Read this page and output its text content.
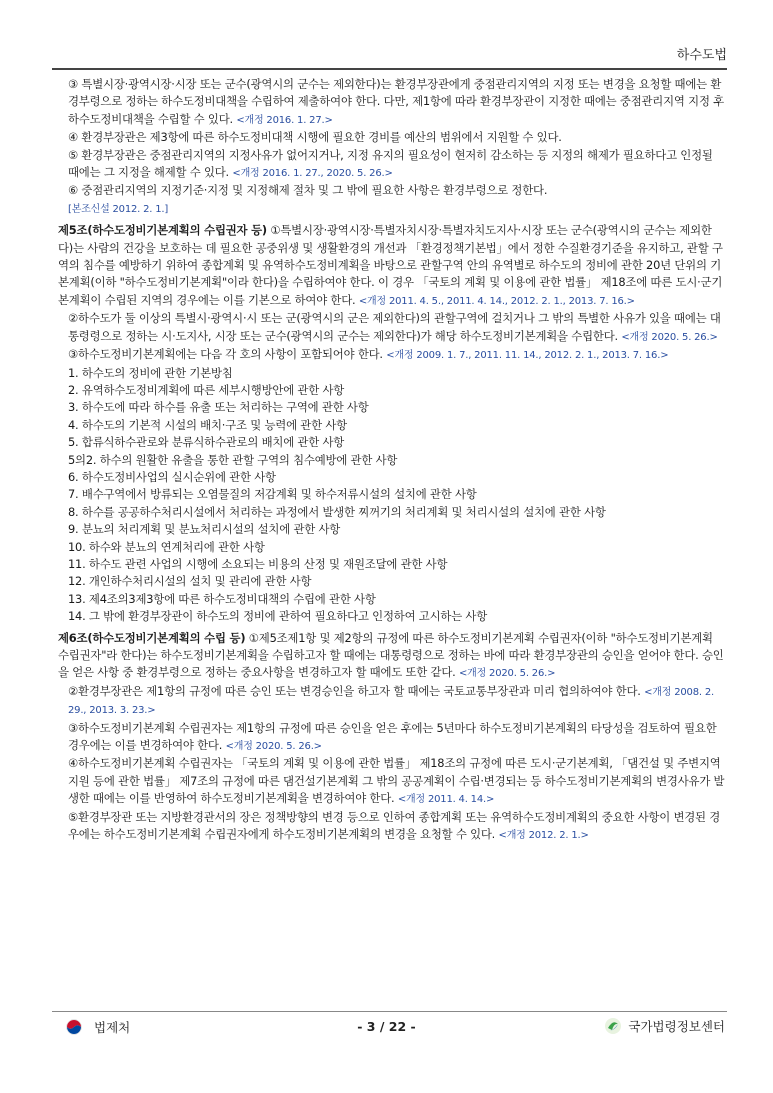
하수도법

③ 특별시장·광역시장·시장 또는 군수(광역시의 군수는 제외한다)는 환경부장관에게 중점관리지역의 지정 또는 변경을 요청할 때에는 환경부령으로 정하는 하수도정비대책을 수립하여 제출하여야 한다. 다만, 제1항에 따라 환경부장관이 지정한 때에는 중점관리지역 지정 후 하수도정비대책을 수립할 수 있다. <개정 2016. 1. 27.>

④ 환경부장관은 제3항에 따른 하수도정비대책 시행에 필요한 경비를 예산의 범위에서 지원할 수 있다.

⑤ 환경부장관은 중점관리지역의 지정사유가 없어지거나, 지정 유지의 필요성이 현저히 감소하는 등 지정의 해제가 필요하다고 인정될 때에는 그 지정을 해제할 수 있다. <개정 2016. 1. 27., 2020. 5. 26.>

⑥ 중점관리지역의 지정기준·지정 및 지정해제 절차 및 그 밖에 필요한 사항은 환경부령으로 정한다.

[본조신설 2012. 2. 1.]

제5조(하수도정비기본계획의 수립권자 등) ①특별시장·광역시장·특별자치시장·특별자치도지사·시장 또는 군수(광역시의 군수는 제외한다)는 사람의 건강을 보호하는 데 필요한 공중위생 및 생활환경의 개선과 「환경정책기본법」에서 정한 수질환경기준을 유지하고, 관할 구역의 침수를 예방하기 위하여 종합계획 및 유역하수도정비계획을 바탕으로 관할구역 안의 유역별로 하수도의 정비에 관한 20년 단위의 기본계획(이하 "하수도정비기본계획"이라 한다)을 수립하여야 한다. 이 경우 「국토의 계획 및 이용에 관한 법률」 제18조에 따른 도시·군기본계획이 수립된 지역의 경우에는 이를 기본으로 하여야 한다. <개정 2011. 4. 5., 2011. 4. 14., 2012. 2. 1., 2013. 7. 16.>

②하수도가 둘 이상의 특별시·광역시·시 또는 군(광역시의 군은 제외한다)의 관할구역에 걸치거나 그 밖의 특별한 사유가 있을 때에는 대통령령으로 정하는 시·도지사, 시장 또는 군수(광역시의 군수는 제외한다)가 해당 하수도정비기본계획을 수립한다. <개정 2020. 5. 26.>

③하수도정비기본계획에는 다음 각 호의 사항이 포함되어야 한다. <개정 2009. 1. 7., 2011. 11. 14., 2012. 2. 1., 2013. 7. 16.>

1. 하수도의 정비에 관한 기본방침
2. 유역하수도정비계획에 따른 세부시행방안에 관한 사항
3. 하수도에 따라 하수를 유출 또는 처리하는 구역에 관한 사항
4. 하수도의 기본적 시설의 배치·구조 및 능력에 관한 사항
5. 합류식하수관로와 분류식하수관로의 배치에 관한 사항
5의2. 하수의 원활한 유출을 통한 관할 구역의 침수예방에 관한 사항
6. 하수도정비사업의 실시순위에 관한 사항
7. 배수구역에서 방류되는 오염물질의 저감계획 및 하수저류시설의 설치에 관한 사항
8. 하수를 공공하수처리시설에서 처리하는 과정에서 발생한 찌꺼기의 처리계획 및 처리시설의 설치에 관한 사항
9. 분뇨의 처리계획 및 분뇨처리시설의 설치에 관한 사항
10. 하수와 분뇨의 연계처리에 관한 사항
11. 하수도 관련 사업의 시행에 소요되는 비용의 산정 및 재원조달에 관한 사항
12. 개인하수처리시설의 설치 및 관리에 관한 사항
13. 제4조의3제3항에 따른 하수도정비대책의 수립에 관한 사항
14. 그 밖에 환경부장관이 하수도의 정비에 관하여 필요하다고 인정하여 고시하는 사항

제6조(하수도정비기본계획의 수립 등) ①제5조제1항 및 제2항의 규정에 따른 하수도정비기본계획 수립권자(이하 "하수도정비기본계획 수립권자"라 한다)는 하수도정비기본계획을 수립하고자 할 때에는 대통령령으로 정하는 바에 따라 환경부장관의 승인을 얻어야 한다. 승인을 얻은 사항 중 환경부령으로 정하는 중요사항을 변경하고자 할 때에도 또한 같다. <개정 2020. 5. 26.>

②환경부장관은 제1항의 규정에 따른 승인 또는 변경승인을 하고자 할 때에는 국토교통부장관과 미리 협의하여야 한다. <개정 2008. 2. 29., 2013. 3. 23.>

③하수도정비기본계획 수립권자는 제1항의 규정에 따른 승인을 얻은 후에는 5년마다 하수도정비기본계획의 타당성을 검토하여 필요한 경우에는 이를 변경하여야 한다. <개정 2020. 5. 26.>

④하수도정비기본계획 수립권자는 「국토의 계획 및 이용에 관한 법률」 제18조의 규정에 따른 도시·군기본계획, 「댐건설 및 주변지역지원 등에 관한 법률」 제7조의 규정에 따른 댐건설기본계획 그 밖의 공공계획이 수립·변경되는 등 하수도정비기본계획의 변경사유가 발생한 때에는 이를 반영하여 하수도정비기본계획을 변경하여야 한다. <개정 2011. 4. 14.>

⑤환경부장관 또는 지방환경관서의 장은 정책방향의 변경 등으로 인하여 종합계획 또는 유역하수도정비계획의 중요한 사항이 변경된 경우에는 하수도정비기본계획 수립권자에게 하수도정비기본계획의 변경을 요청할 수 있다. <개정 2012. 2. 1.>

법제처	- 3 / 22 -	국가법령정보센터
